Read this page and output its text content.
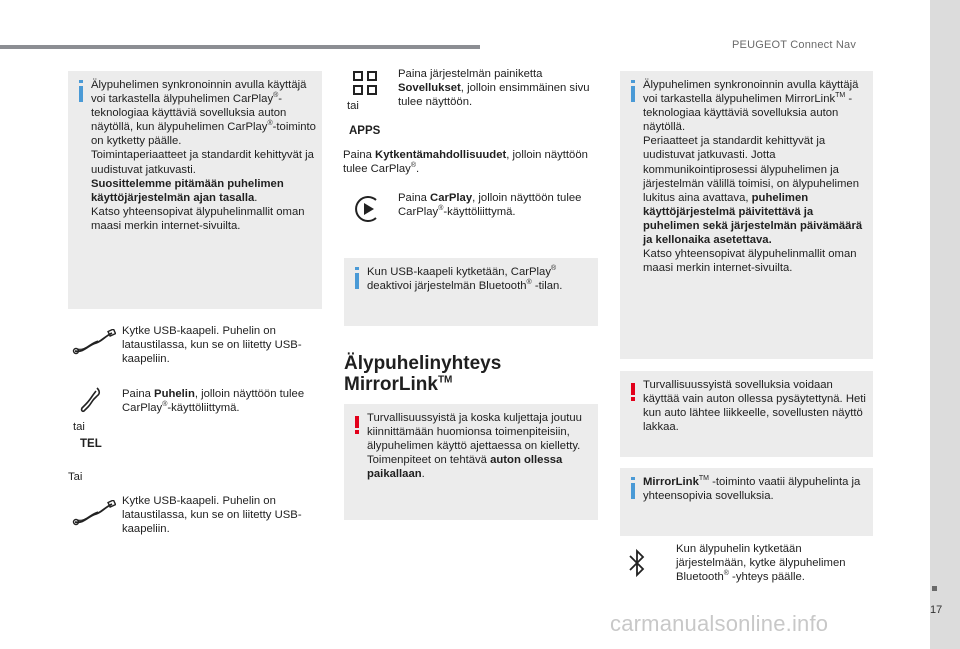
PEUGEOT Connect Nav
17

Älypuhelimen synkronoinnin avulla käyttäjä voi tarkastella älypuhelimen CarPlay®-teknologiaa käyttäviä sovelluksia auton näytöllä, kun älypuhelimen CarPlay®-toiminto on kytketty päälle.

Toimintaperiaatteet ja standardit kehittyvät ja uudistuvat jatkuvasti.

Suosittelemme pitämään puhelimen käyttöjärjestelmän ajan tasalla.

Katso yhteensopivat älypuhelinmallit oman maasi merkin internet-sivuilta.

Kytke USB-kaapeli. Puhelin on lataustilassa, kun se on liitetty USB-kaapeliin.
tai
TEL
Paina Puhelin, jolloin näyttöön tulee CarPlay®-käyttöliittymä.
Tai
Kytke USB-kaapeli. Puhelin on lataustilassa, kun se on liitetty USB-kaapeliin.
tai
APPS
Paina järjestelmän painiketta Sovellukset, jolloin ensimmäinen sivu tulee näyttöön.
Paina Kytkentämahdollisuudet, jolloin näyttöön tulee CarPlay®.
Paina CarPlay, jolloin näyttöön tulee CarPlay®-käyttöliittymä.
Kun USB-kaapeli kytketään, CarPlay® deaktivoi järjestelmän Bluetooth® -tilan.
Älypuhelinyhteys
MirrorLink™

Turvallisuussyistä ja koska kuljettaja joutuu kiinnittämään huomionsa toimenpiteisiin, älypuhelimen käyttö ajettaessa on kielletty.

Toimenpiteet on tehtävä auton ollessa paikallaan.

Älypuhelimen synkronoinnin avulla käyttäjä voi tarkastella älypuhelimen MirrorLink™ -teknologiaa käyttäviä sovelluksia auton näytöllä.

Periaatteet ja standardit kehittyvät ja uudistuvat jatkuvasti. Jotta kommunikointiprosessi älypuhelimen ja järjestelmän välillä toimisi, on älypuhelimen lukitus aina avattava, puhelimen käyttöjärjestelmä päivitettävä ja puhelimen sekä järjestelmän päivämäärä ja kellonaika asetettava.

Katso yhteensopivat älypuhelinmallit oman maasi merkin internet-sivuilta.

Turvallisuussyistä sovelluksia voidaan käyttää vain auton ollessa pysäytettynä. Heti kun auto lähtee liikkeelle, sovellusten näyttö lakkaa.
MirrorLink™ -toiminto vaatii älypuhelinta ja yhteensopivia sovelluksia.
Kun älypuhelin kytketään järjestelmään, kytke älypuhelimen Bluetooth® -yhteys päälle.
carmanualsonline.info
